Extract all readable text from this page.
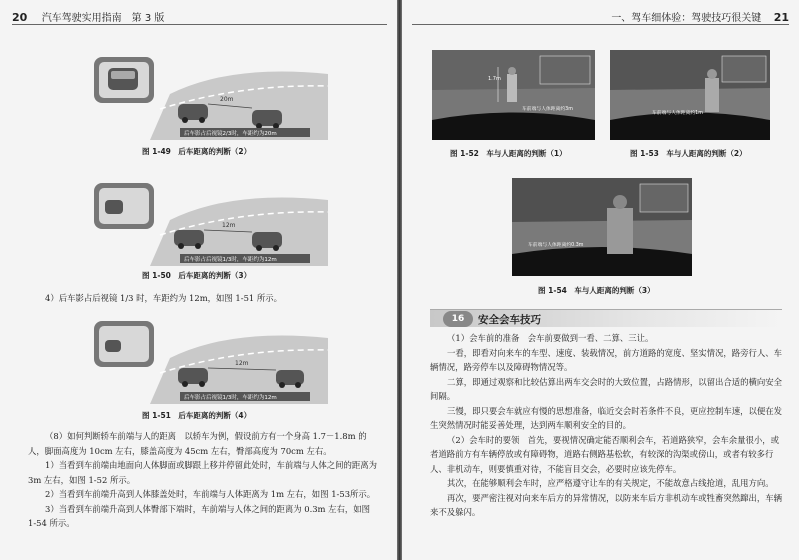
20 汽车驾驶实用指南　第 3 版
20m
后车影占后视镜2/3时，车距约为20m
图 1-49　后车距离的判断（2）
12m
后车影占后视镜1/3时，车距约为12m
图 1-50　后车距离的判断（3）

4）后车影占后视镜 1/3 时，车距约为 12m，如图 1-51 所示。

12m
后车影占后视镜1/3时，车距约为12m
图 1-51　后车距离的判断（4）

（8）如何判断轿车前端与人的距离　以轿车为例，假设前方有一个身高 1.7－1.8m 的人，脚面高度为 10cm 左右，膝盖高度为 45cm 左右，臀部高度为 70cm 左右。

1）当看到车前端由地面向人体脚面或脚跟上移并停留此处时，车前端与人体之间的距离为 3m 左右，如图 1-52 所示。

2）当看到车前端升高到人体膝盖处时，车前端与人体距离为 1m 左右，如图 1-53所示。

3）当看到车前端升高到人体臀部下端时，车前端与人体之间的距离为 0.3m 左右，如图 1-54 所示。

一、驾车细体验：驾驶技巧很关键 21
1.7m
车前端与人体距离约3m
图 1-52　车与人距离的判断（1）
车前端与人体距离约1m
图 1-53　车与人距离的判断（2）
车前端与人体距离约0.3m
图 1-54　车与人距离的判断（3）
16	安全会车技巧

（1）会车前的准备　会车前要做到一看、二算、三让。

一看，即看对向来车的车型、速度、装载情况，前方道路的宽度、坚实情况，路旁行人、车辆情况，路旁停车以及障碍物情况等。

二算，即通过观察和比较估算出两车交会时的大致位置，占路情形，以留出合适的横向安全间隔。

三慢，即只要会车就应有慢的思想准备，临近交会时若条件不良，更应控制车速，以便在发生突然情况时能妥善处理，达到两车顺利安全的目的。

（2）会车时的要领　首先，要视情况确定能否顺利会车，若道路狭窄，会车余量很小，或者道路前方有车辆停放或有障碍物，道路右侧路基松软，有较深的沟渠或傍山，或者有较多行人、非机动车，则要慎重对待，不能盲目交会，必要时应该先停车。

其次，在能够顺利会车时，应严格遵守让车的有关规定，不能故意占线抢道，乱甩方向。

再次，要严密注视对向来车后方的异常情况，以防来车后方非机动车或牲畜突然蹿出，车辆来不及躲闪。
